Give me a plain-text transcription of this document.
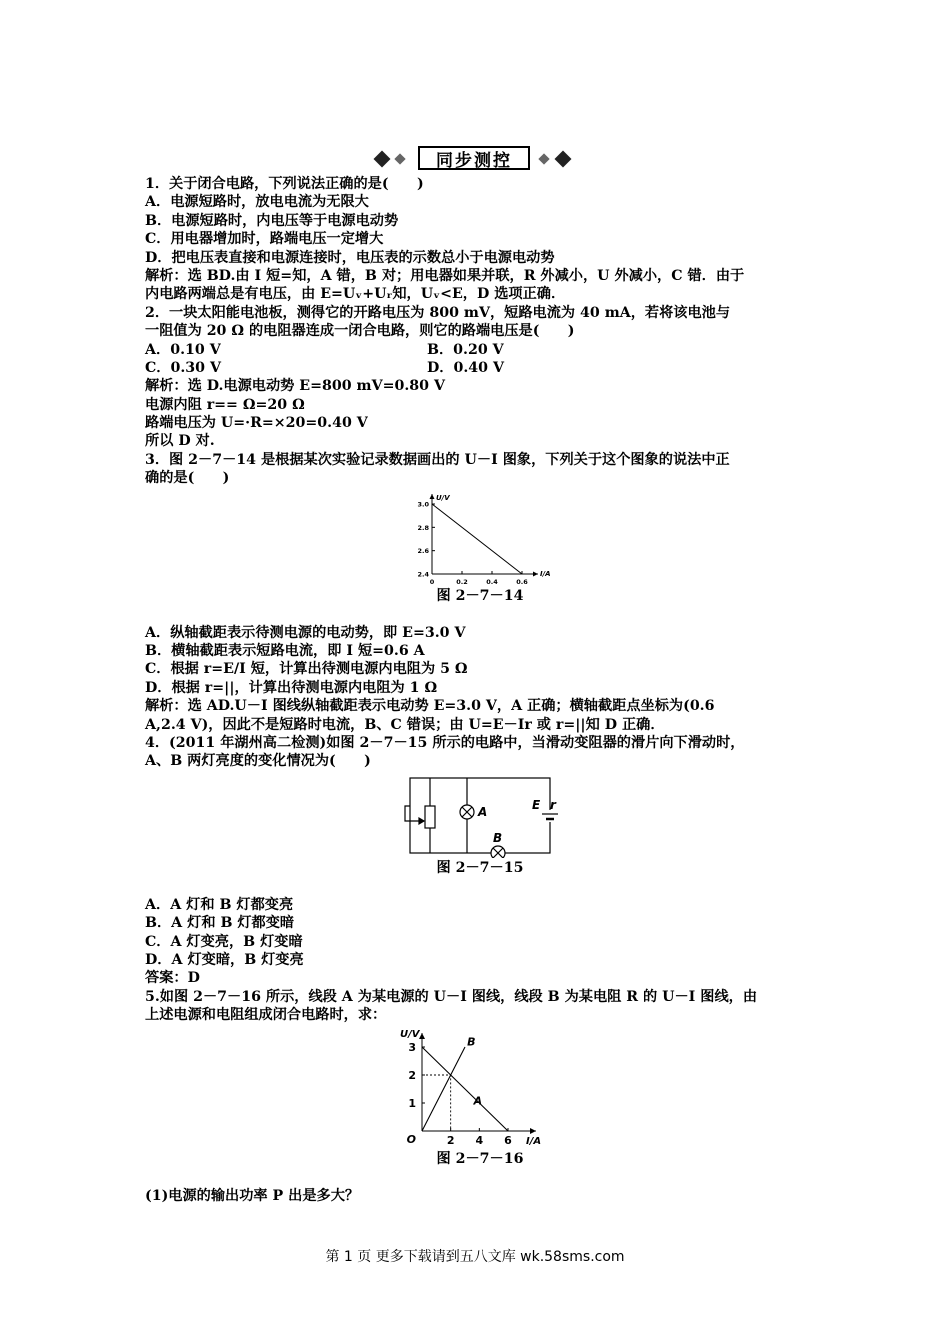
同步测控
1．关于闭合电路，下列说法正确的是(　　)
A．电源短路时，放电电流为无限大
B．电源短路时，内电压等于电源电动势
C．用电器增加时，路端电压一定增大
D．把电压表直接和电源连接时，电压表的示数总小于电源电动势
解析：选 BD.由 I 短=知，A 错，B 对；用电器如果并联，R 外减小，U 外减小，C 错．由于
内电路两端总是有电压，由 E=Uᵥ+Uᵣ知，Uᵥ<E，D 选项正确．
2．一块太阳能电池板，测得它的开路电压为 800 mV，短路电流为 40 mA，若将该电池与
一阻值为 20 Ω 的电阻器连成一闭合电路，则它的路端电压是(　　)
A．0.10 V	B．0.20 V
C．0.30 V	D．0.40 V
解析：选 D.电源电动势 E=800 mV=0.80 V
电源内阻 r== Ω=20 Ω
路端电压为 U=·R=×20=0.40 V
所以 D 对.
3．图 2－7－14 是根据某次实验记录数据画出的 U－I 图象，下列关于这个图象的说法中正
确的是(　　)
0	0.2	0.4	0.6
2.4
2.6
2.8
3.0
U/V
I/A
图 2－7－14
A．纵轴截距表示待测电源的电动势，即 E=3.0 V
B．横轴截距表示短路电流，即 I 短=0.6 A
C．根据 r=E/I 短，计算出待测电源内电阻为 5 Ω
D．根据 r=||，计算出待测电源内电阻为 1 Ω
解析：选 AD.U－I 图线纵轴截距表示电动势 E=3.0 V，A 正确；横轴截距点坐标为(0.6
A,2.4 V)，因此不是短路时电流，B、C 错误；由 U=E－Ir 或 r=||知 D 正确．
4．(2011 年湖州高二检测)如图 2－7－15 所示的电路中，当滑动变阻器的滑片向下滑动时，
A、B 两灯亮度的变化情况为(　　)
A
B
E r
图 2－7－15
A．A 灯和 B 灯都变亮
B．A 灯和 B 灯都变暗
C．A 灯变亮，B 灯变暗
D．A 灯变暗，B 灯变亮
答案：D
5.如图 2－7－16 所示，线段 A 为某电源的 U－I 图线，线段 B 为某电阻 R 的 U－I 图线，由
上述电源和电阻组成闭合电路时，求：
2 4 6
1
2
3
O
U/V
I/A
A
B
图 2－7－16
(1)电源的输出功率 P 出是多大？
第 1 页 更多下载请到五八文库 wk.58sms.com
